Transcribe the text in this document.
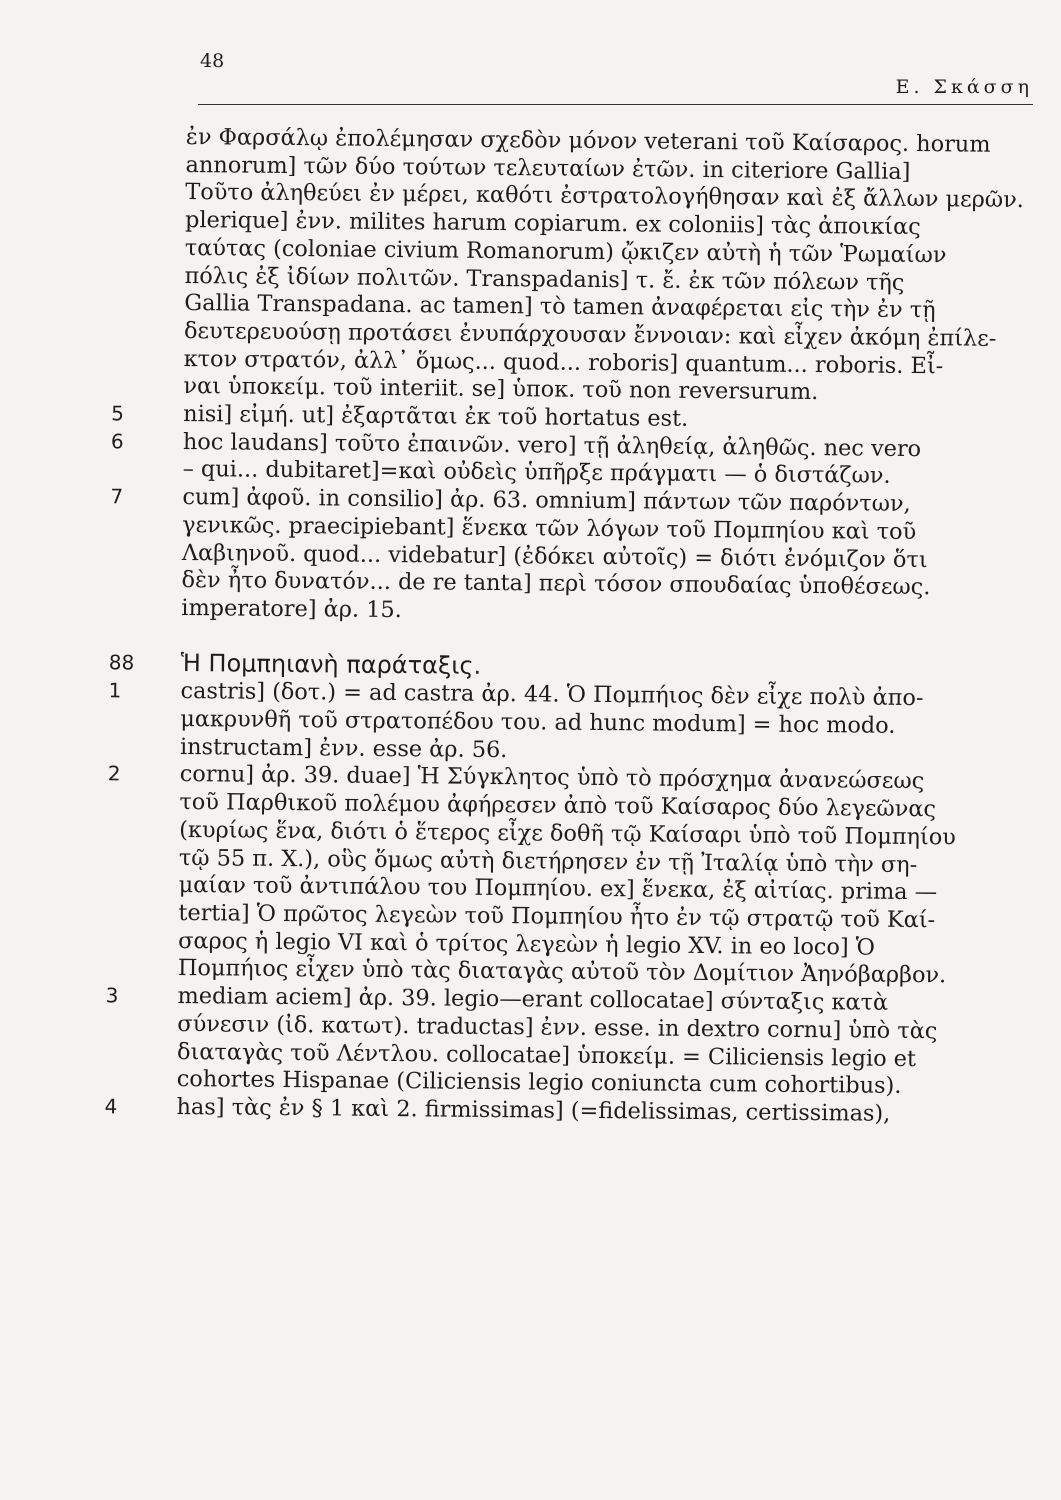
48
Ε. Σκάσση
ἐν Φαρσάλῳ ἐπολέμησαν σχεδὸν μόνον veterani τοῦ Καίσαρος. horum
annorum] τῶν δύο τούτων τελευταίων ἐτῶν. in citeriore Gallia]
Τοῦτο ἀληθεύει ἐν μέρει, καθότι ἐστρατολογήθησαν καὶ ἐξ ἄλλων μερῶν.
plerique] ἐνν. milites harum copiarum. ex coloniis] τὰς ἀποικίας
ταύτας (coloniae civium Romanorum) ᾤκιζεν αὐτὴ ἡ τῶν Ῥωμαίων
πόλις ἐξ ἰδίων πολιτῶν. Transpadanis] τ. ἔ. ἐκ τῶν πόλεων τῆς
Gallia Transpadana. ac tamen] τὸ tamen ἀναφέρεται εἰς τὴν ἐν τῇ
δευτερευούσῃ προτάσει ἐνυπάρχουσαν ἔννοιαν: καὶ εἶχεν ἀκόμη ἐπίλε-
κτον στρατόν, ἀλλ᾽ ὅμως... quod... roboris] quantum... roboris. Εἶ-
ναι ὑποκείμ. τοῦ interiit. se] ὑποκ. τοῦ non reversurum.
5	nisi] εἰμή. ut] ἐξαρτᾶται ἐκ τοῦ hortatus est.
6	hoc laudans] τοῦτο ἐπαινῶν. vero] τῇ ἀληθείᾳ, ἀληθῶς. nec vero
– qui... dubitaret]=καὶ οὐδεὶς ὑπῆρξε πράγματι — ὁ διστάζων.
7	cum] ἀφοῦ. in consilio] ἀρ. 63. omnium] πάντων τῶν παρόντων,
γενικῶς. praecipiebant] ἕνεκα τῶν λόγων τοῦ Πομπηίου καὶ τοῦ
Λαβιηνοῦ. quod... videbatur] (ἐδόκει αὐτοῖς) = διότι ἐνόμιζον ὅτι
δὲν ἦτο δυνατόν... de re tanta] περὶ τόσον σπουδαίας ὑποθέσεως.
imperatore] ἀρ. 15.
88 Ἡ Πομπηιανὴ παράταξις.
1	castris] (δοτ.) = ad castra ἀρ. 44. Ὁ Πομπήιος δὲν εἶχε πολὺ ἀπο-
μακρυνθῆ τοῦ στρατοπέδου του. ad hunc modum] = hoc modo.
instructam] ἐνν. esse ἀρ. 56.
2	cornu] ἀρ. 39. duae] Ἡ Σύγκλητος ὑπὸ τὸ πρόσχημα ἀνανεώσεως
τοῦ Παρθικοῦ πολέμου ἀφήρεσεν ἀπὸ τοῦ Καίσαρος δύο λεγεῶνας
(κυρίως ἕνα, διότι ὁ ἕτερος εἶχε δοθῆ τῷ Καίσαρι ὑπὸ τοῦ Πομπηίου
τῷ 55 π. Χ.), οὓς ὅμως αὐτὴ διετήρησεν ἐν τῇ Ἰταλίᾳ ὑπὸ τὴν ση-
μαίαν τοῦ ἀντιπάλου του Πομπηίου. ex] ἕνεκα, ἐξ αἰτίας. prima —
tertia] Ὁ πρῶτος λεγεὼν τοῦ Πομπηίου ἦτο ἐν τῷ στρατῷ τοῦ Καί-
σαρος ἡ legio VI καὶ ὁ τρίτος λεγεὼν ἡ legio XV. in eo loco] Ὁ
Πομπήιος εἶχεν ὑπὸ τὰς διαταγὰς αὐτοῦ τὸν Δομίτιον Ἀηνόβαρβον.
3	mediam aciem] ἀρ. 39. legio—erant collocatae] σύνταξις κατὰ
σύνεσιν (ἰδ. κατωτ). traductas] ἐνν. esse. in dextro cornu] ὑπὸ τὰς
διαταγὰς τοῦ Λέντλου. collocatae] ὑποκείμ. = Ciliciensis legio et
cohortes Hispanae (Ciliciensis legio coniuncta cum cohortibus).
4	has] τὰς ἐν § 1 καὶ 2. firmissimas] (=fidelissimas, certissimas),
